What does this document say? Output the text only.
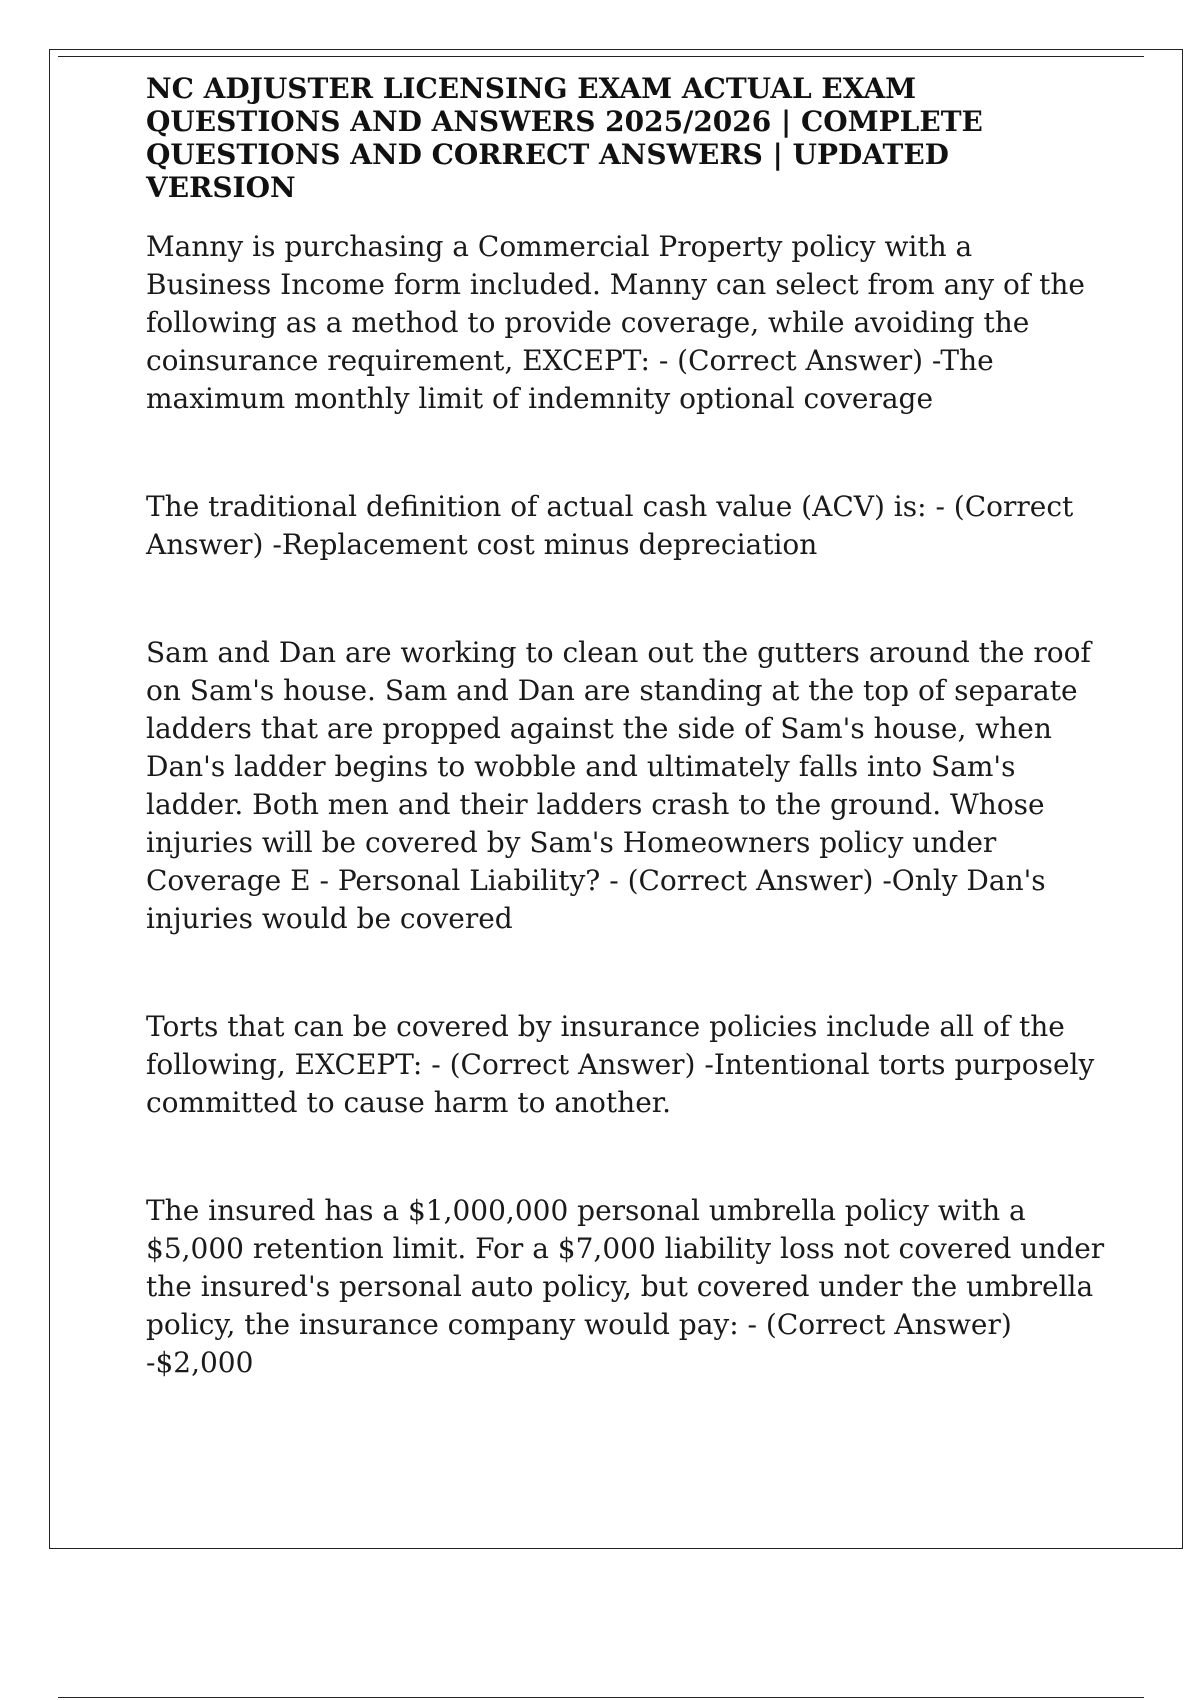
NC ADJUSTER LICENSING EXAM ACTUAL EXAM QUESTIONS AND ANSWERS 2025/2026 | COMPLETE QUESTIONS AND CORRECT ANSWERS | UPDATED VERSION

Manny is purchasing a Commercial Property policy with a Business Income form included. Manny can select from any of the following as a method to provide coverage, while avoiding the coinsurance requirement, EXCEPT: - (Correct Answer) -The maximum monthly limit of indemnity optional coverage

The traditional definition of actual cash value (ACV) is: - (Correct Answer) -Replacement cost minus depreciation

Sam and Dan are working to clean out the gutters around the roof on Sam's house. Sam and Dan are standing at the top of separate ladders that are propped against the side of Sam's house, when Dan's ladder begins to wobble and ultimately falls into Sam's ladder. Both men and their ladders crash to the ground. Whose injuries will be covered by Sam's Homeowners policy under Coverage E - Personal Liability? - (Correct Answer) -Only Dan's injuries would be covered

Torts that can be covered by insurance policies include all of the following, EXCEPT: - (Correct Answer) -Intentional torts purposely committed to cause harm to another.

The insured has a $1,000,000 personal umbrella policy with a $5,000 retention limit. For a $7,000 liability loss not covered under the insured's personal auto policy, but covered under the umbrella policy, the insurance company would pay: - (Correct Answer) -$2,000
